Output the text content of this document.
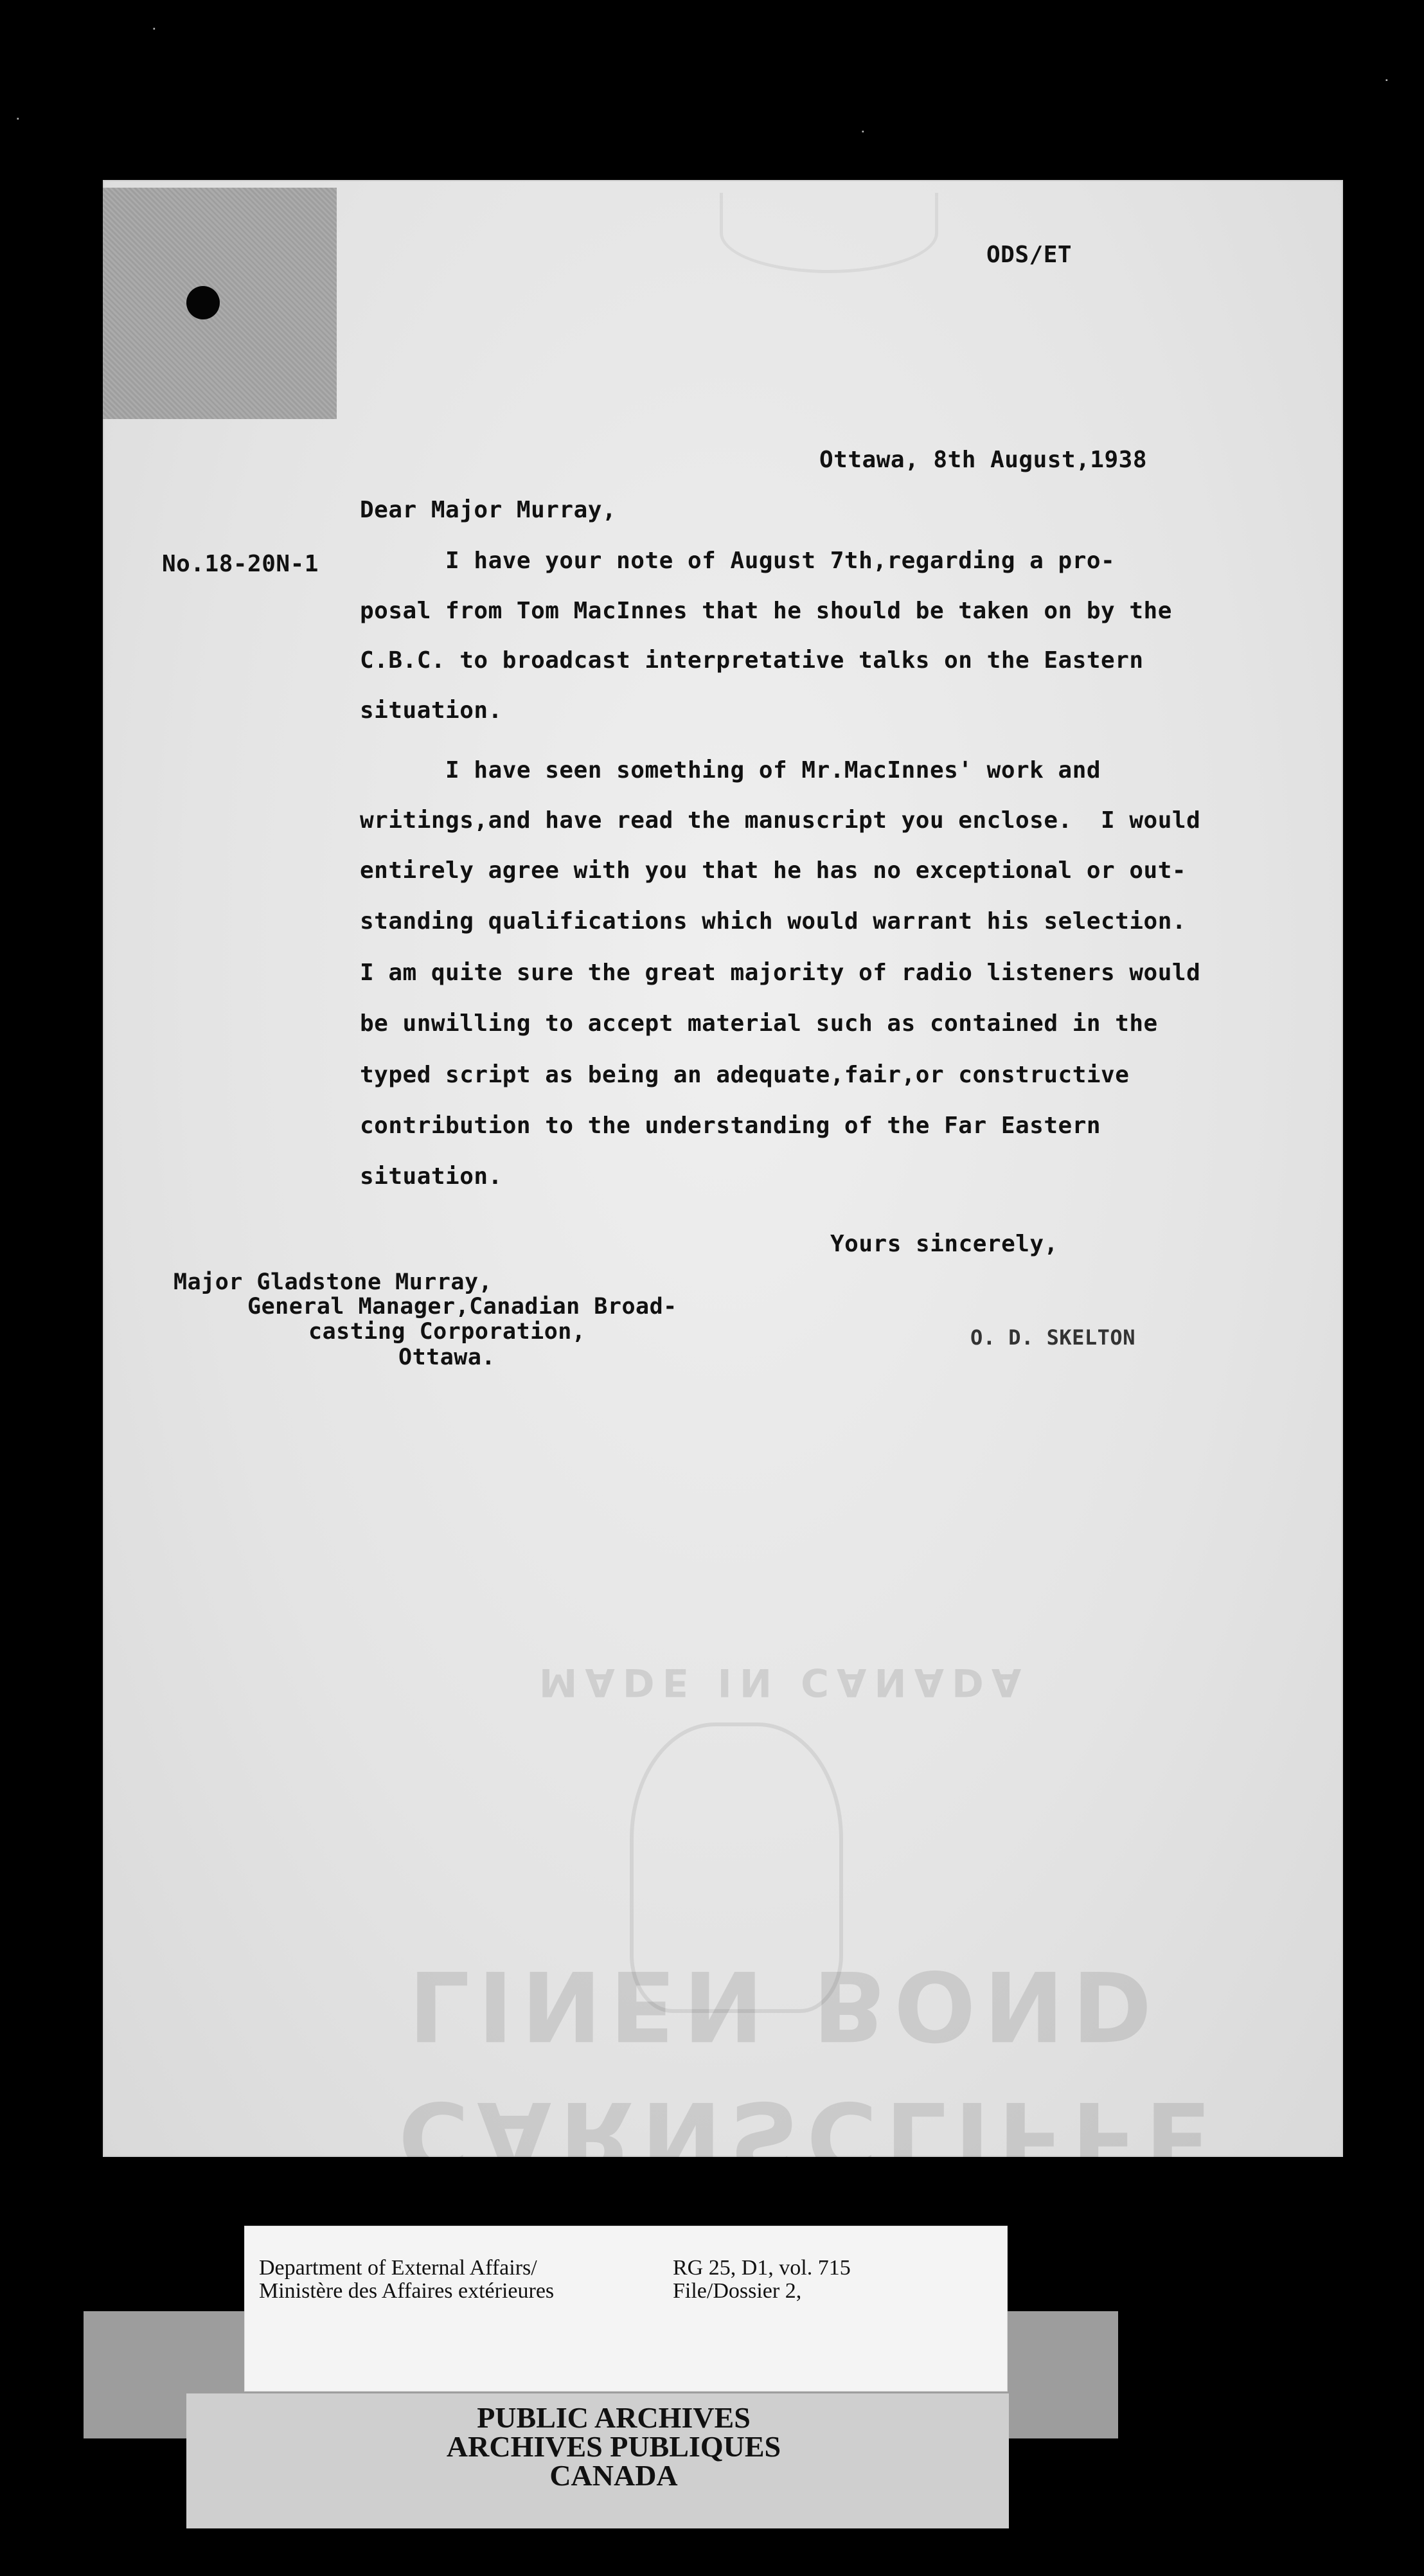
˙
˙
˙
˙
ODS/ET
Ottawa, 8th August,1938
No.18-20N-1
Dear Major Murray,
I have your note of August 7th,regarding a pro-
posal from Tom MacInnes that he should be taken on by the
C.B.C. to broadcast interpretative talks on the Eastern
situation.
I have seen something of Mr.MacInnes' work and
writings,and have read the manuscript you enclose.  I would
entirely agree with you that he has no exceptional or out-
standing qualifications which would warrant his selection.
I am quite sure the great majority of radio listeners would
be unwilling to accept material such as contained in the
typed script as being an adequate,fair,or constructive
contribution to the understanding of the Far Eastern
situation.
Yours sincerely,
Major Gladstone Murray,
General Manager,Canadian Broad-
casting Corporation,
Ottawa.
O. D. SKELTON
CARNSCLIFFE
LINEN BOND
MADE IN CANADA
Department of External Affairs/
Ministère des Affaires extérieures
RG 25, D1, vol. 715
File/Dossier 2,
PUBLIC ARCHIVES
ARCHIVES PUBLIQUES
CANADA
